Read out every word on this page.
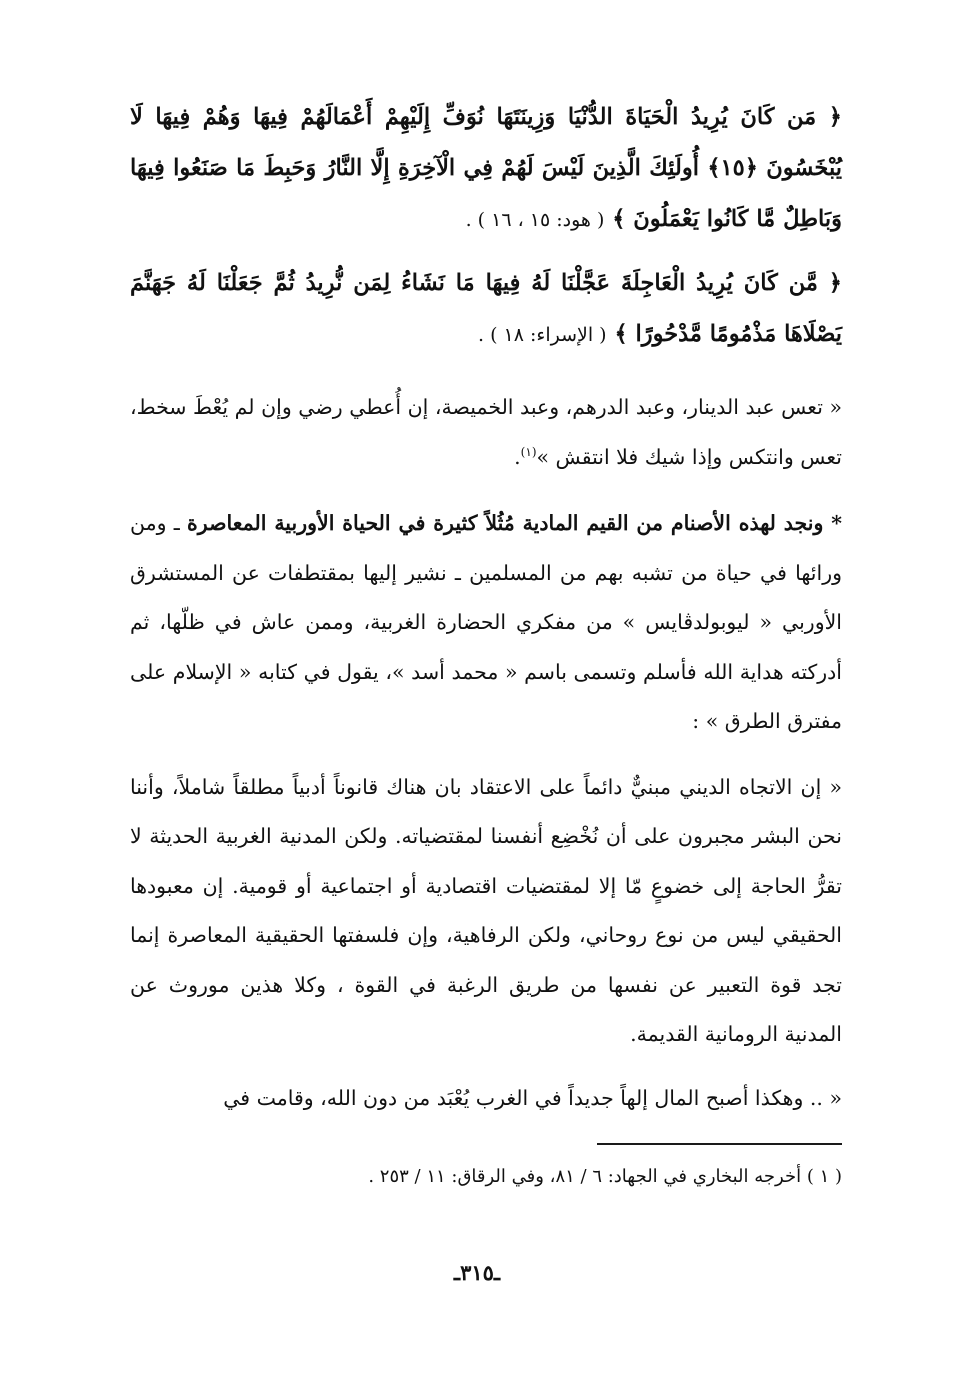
﴿ مَن كَانَ يُرِيدُ الْحَيَاةَ الدُّنْيَا وَزِينَتَهَا نُوَفِّ إِلَيْهِمْ أَعْمَالَهُمْ فِيهَا وَهُمْ فِيهَا لَا يُبْخَسُونَ ﴿١٥﴾ أُولَئِكَ الَّذِينَ لَيْسَ لَهُمْ فِي الْآخِرَةِ إِلَّا النَّارُ وَحَبِطَ مَا صَنَعُوا فِيهَا وَبَاطِلٌ مَّا كَانُوا يَعْمَلُونَ ﴾ ( هود: ١٥ ، ١٦ ) .

﴿ مَّن كَانَ يُرِيدُ الْعَاجِلَةَ عَجَّلْنَا لَهُ فِيهَا مَا نَشَاءُ لِمَن نُّرِيدُ ثُمَّ جَعَلْنَا لَهُ جَهَنَّمَ يَصْلَاهَا مَذْمُومًا مَّدْحُورًا ﴾ ( الإسراء: ١٨ ) .

« تعس عبد الدينار، وعبد الدرهم، وعبد الخميصة، إن أُعطي رضي وإن لم يُعْطَ سخط، تعس وانتكس وإذا شيك فلا انتقش »$^{(١)}$.

* ونجد لهذه الأصنام من القيم المادية مُثُلاً كثيرة في الحياة الأوربية المعاصرة ـ ومن ورائها في حياة من تشبه بهم من المسلمين ـ نشير إليها بمقتطفات عن المستشرق الأوربي « ليوبولدڤايس » من مفكري الحضارة الغربية، وممن عاش في ظلّها، ثم أدركته هداية الله فأسلم وتسمى باسم « محمد أسد »، يقول في كتابه « الإسلام على مفترق الطرق » :

« إن الاتجاه الديني مبنيٌّ دائماً على الاعتقاد بان هناك قانوناً أدبياً مطلقاً شاملاً، وأننا نحن البشر مجبرون على أن نُخْضِع أنفسنا لمقتضياته. ولكن المدنية الغربية الحديثة لا تقرُّ الحاجة إلى خضوعٍ مّا إلا لمقتضيات اقتصادية أو اجتماعية أو قومية. إن معبودها الحقيقي ليس من نوع روحاني، ولكن الرفاهية، وإن فلسفتها الحقيقية المعاصرة إنما تجد قوة التعبير عن نفسها من طريق الرغبة في القوة ، وكلا هذين موروث عن المدنية الرومانية القديمة.

« .. وهكذا أصبح المال إلهاً جديداً في الغرب يُعْبَد من دون الله، وقامت في

( ١ ) أخرجه البخاري في الجهاد: ٦ / ٨١، وفي الرقاق: ١١ / ٢٥٣ .
ـ٣١٥ـ
